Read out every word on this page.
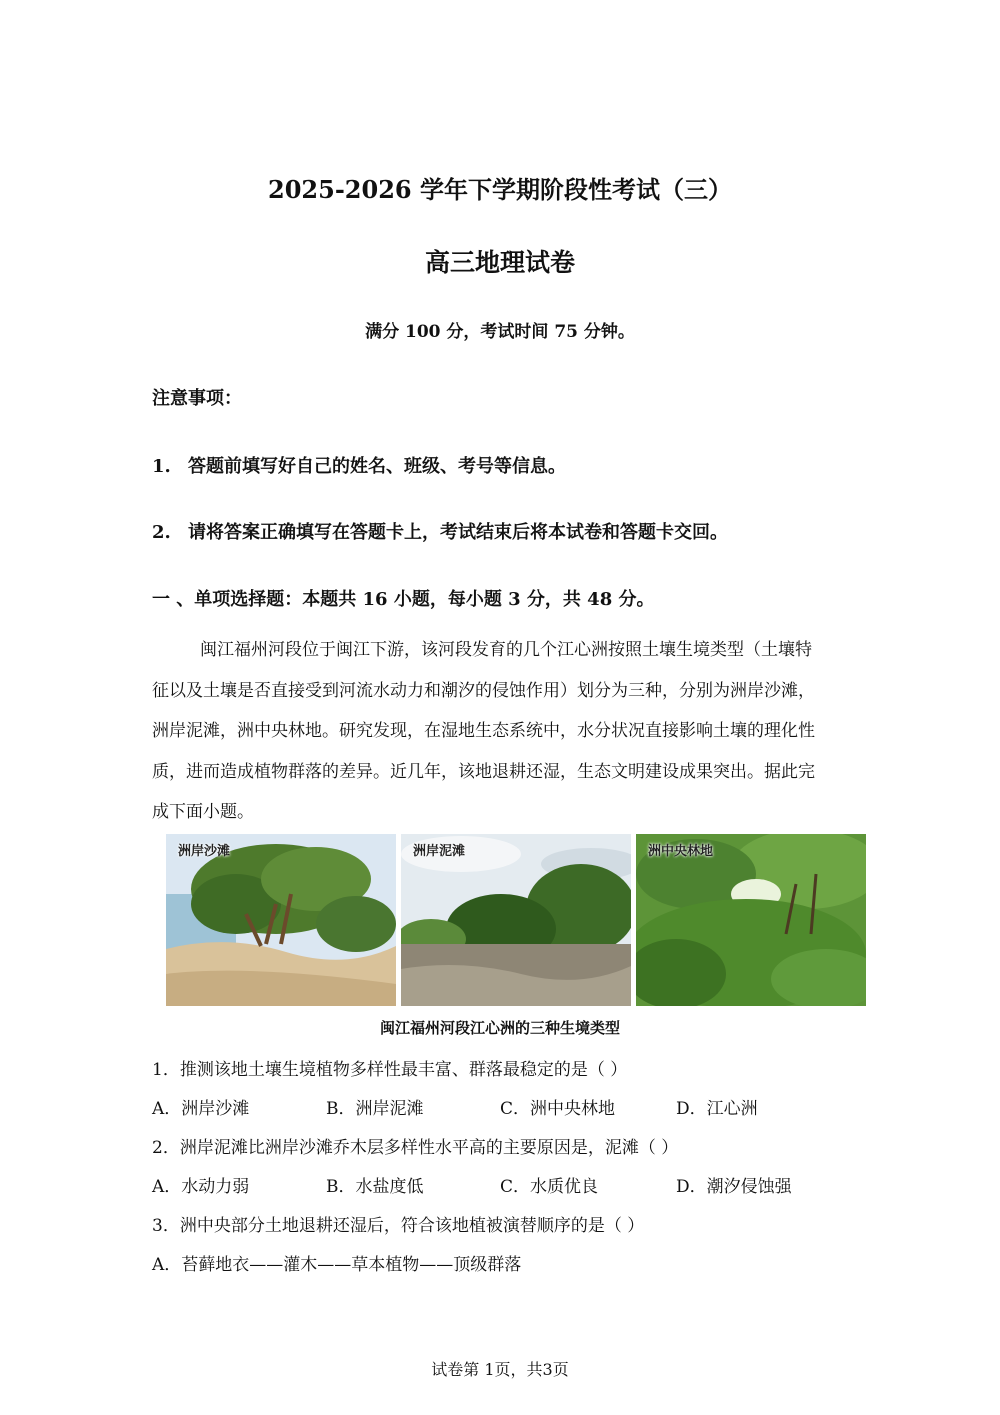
2025-2026 学年下学期阶段性考试（三）
高三地理试卷
满分 100 分，考试时间 75 分钟。
注意事项：
1. 答题前填写好自己的姓名、班级、考号等信息。
2. 请将答案正确填写在答题卡上，考试结束后将本试卷和答题卡交回。
一 、单项选择题：本题共 16 小题，每小题 3 分，共 48 分。
闽江福州河段位于闽江下游，该河段发育的几个江心洲按照土壤生境类型（土壤特
征以及土壤是否直接受到河流水动力和潮汐的侵蚀作用）划分为三种，分别为洲岸沙滩，
洲岸泥滩，洲中央林地。研究发现，在湿地生态系统中，水分状况直接影响土壤的理化性
质，进而造成植物群落的差异。近几年，该地退耕还湿，生态文明建设成果突出。据此完
成下面小题。
洲岸沙滩	洲岸泥滩	洲中央林地
闽江福州河段江心洲的三种生境类型
1．推测该地土壤生境植物多样性最丰富、群落最稳定的是（ ）
A．洲岸沙滩	B．洲岸泥滩	C．洲中央林地	D．江心洲
2．洲岸泥滩比洲岸沙滩乔木层多样性水平高的主要原因是，泥滩（ ）
A．水动力弱	B．水盐度低	C．水质优良	D．潮汐侵蚀强
3．洲中央部分土地退耕还湿后，符合该地植被演替顺序的是（ ）
A．苔藓地衣——灌木——草本植物——顶级群落
试卷第 1页，共3页
